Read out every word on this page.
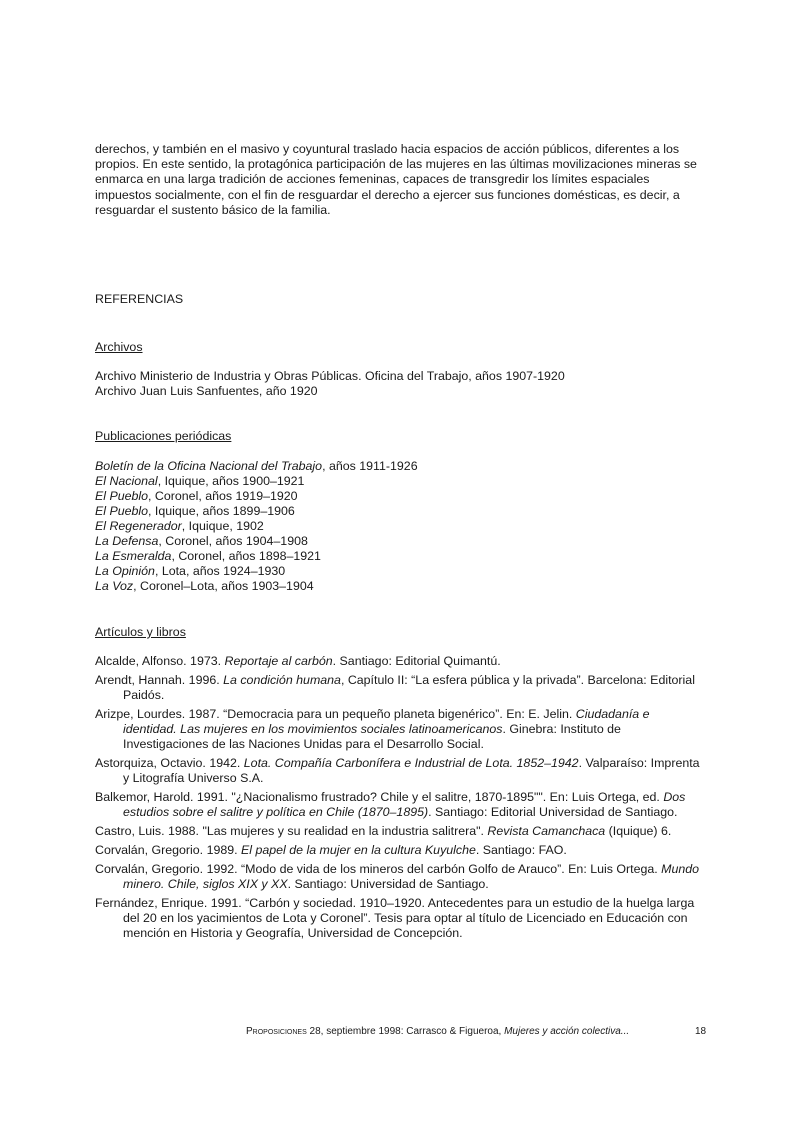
derechos, y también en el masivo y coyuntural traslado hacia espacios de acción públicos, diferentes a los propios. En este sentido, la protagónica participación de las mujeres en las últimas movilizaciones mineras se enmarca en una larga tradición de acciones femeninas, capaces de transgredir los límites espaciales impuestos socialmente, con el fin de resguardar el derecho a ejercer sus funciones domésticas, es decir, a resguardar el sustento básico de la familia.
REFERENCIAS
Archivos
Archivo Ministerio de Industria y Obras Públicas. Oficina del Trabajo, años 1907-1920
Archivo Juan Luis Sanfuentes, año 1920
Publicaciones periódicas
Boletín de la Oficina Nacional del Trabajo, años 1911-1926
El Nacional, Iquique, años 1900–1921
El Pueblo, Coronel, años 1919–1920
El Pueblo, Iquique, años 1899–1906
El Regenerador, Iquique, 1902
La Defensa, Coronel, años 1904–1908
La Esmeralda, Coronel, años 1898–1921
La Opinión, Lota, años 1924–1930
La Voz, Coronel–Lota, años 1903–1904
Artículos y libros
Alcalde, Alfonso. 1973. Reportaje al carbón. Santiago: Editorial Quimantú.
Arendt, Hannah. 1996. La condición humana, Capítulo II: “La esfera pública y la privada”. Barcelona: Editorial Paidós.
Arizpe, Lourdes. 1987. “Democracia para un pequeño planeta bigenérico”. En: E. Jelin. Ciudadanía e identidad. Las mujeres en los movimientos sociales latinoamericanos. Ginebra: Instituto de Investigaciones de las Naciones Unidas para el Desarrollo Social.
Astorquiza, Octavio. 1942. Lota. Compañía Carbonífera e Industrial de Lota. 1852–1942. Valparaíso: Imprenta y Litografía Universo S.A.
Balkemor, Harold. 1991. "¿Nacionalismo frustrado? Chile y el salitre, 1870-1895"". En: Luis Ortega, ed. Dos estudios sobre el salitre y política en Chile (1870–1895). Santiago: Editorial Universidad de Santiago.
Castro, Luis. 1988. "Las mujeres y su realidad en la industria salitrera". Revista Camanchaca (Iquique) 6.
Corvalán, Gregorio. 1989. El papel de la mujer en la cultura Kuyulche. Santiago: FAO.
Corvalán, Gregorio. 1992. “Modo de vida de los mineros del carbón Golfo de Arauco”. En: Luis Ortega. Mundo minero. Chile, siglos XIX y XX. Santiago: Universidad de Santiago.
Fernández, Enrique. 1991. “Carbón y sociedad. 1910–1920. Antecedentes para un estudio de la huelga larga del 20 en los yacimientos de Lota y Coronel”. Tesis para optar al título de Licenciado en Educación con mención en Historia y Geografía, Universidad de Concepción.
Proposiciones 28, septiembre 1998: Carrasco & Figueroa, Mujeres y acción colectiva...	18
